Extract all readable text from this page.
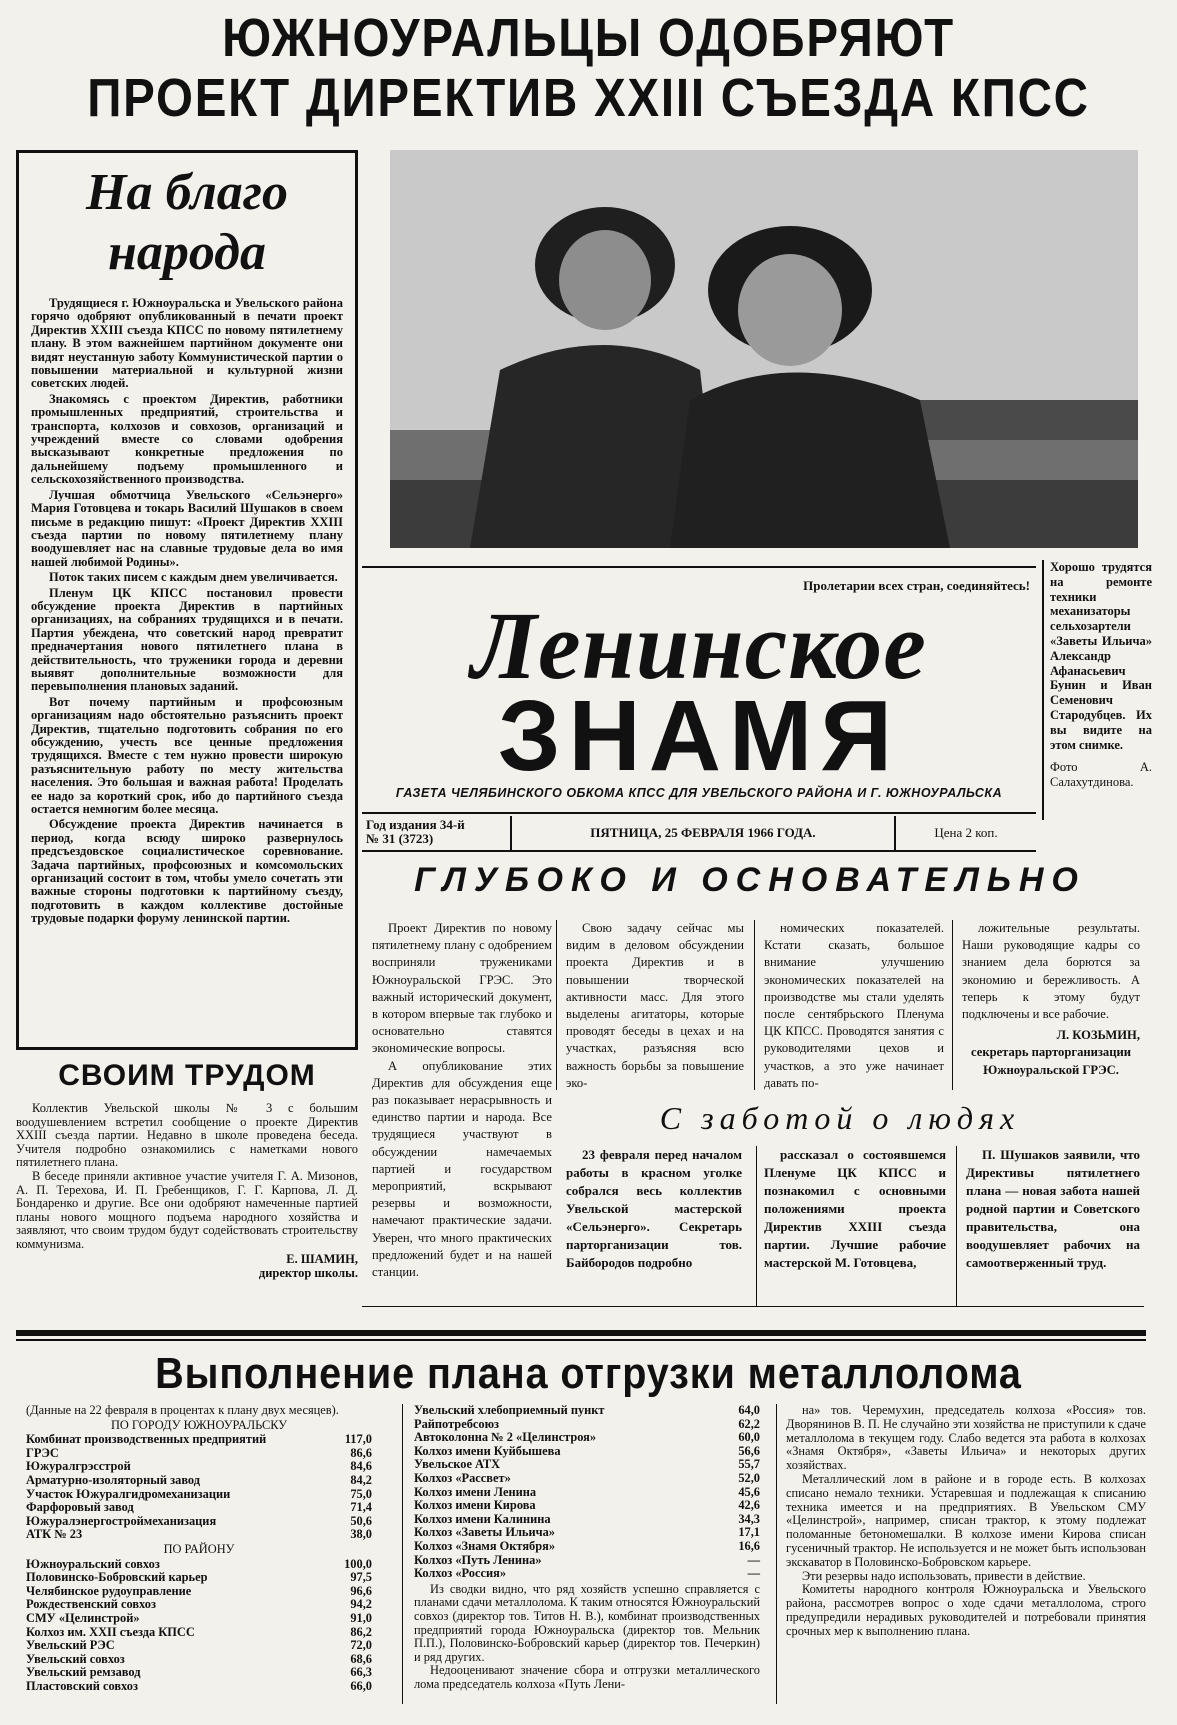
ЮЖНОУРАЛЬЦЫ ОДОБРЯЮТ
ПРОЕКТ ДИРЕКТИВ XXIII СЪЕЗДА КПСС
На благо
народа

Трудящиеся г. Южноуральска и Увельского района горячо одобряют опубликованный в печати проект Директив XXIII съезда КПСС по новому пятилетнему плану. В этом важнейшем партийном документе они видят неустанную заботу Коммунистической партии о повышении материальной и культурной жизни советских людей.

Знакомясь с проектом Директив, работники промышленных предприятий, строительства и транспорта, колхозов и совхозов, организаций и учреждений вместе со словами одобрения высказывают конкретные предложения по дальнейшему подъему промышленного и сельскохозяйственного производства.

Лучшая обмотчица Увельского «Сельэнерго» Мария Готовцева и токарь Василий Шушаков в своем письме в редакцию пишут: «Проект Директив XXIII съезда партии по новому пятилетнему плану воодушевляет нас на славные трудовые дела во имя нашей любимой Родины».

Поток таких писем с каждым днем увеличивается.

Пленум ЦК КПСС постановил провести обсуждение проекта Директив в партийных организациях, на собраниях трудящихся и в печати. Партия убеждена, что советский народ превратит предначертания нового пятилетнего плана в действительность, что труженики города и деревни выявят дополнительные возможности для перевыполнения плановых заданий.

Вот почему партийным и профсоюзным организациям надо обстоятельно разъяснить проект Директив, тщательно подготовить собрания по его обсуждению, учесть все ценные предложения трудящихся. Вместе с тем нужно провести широкую разъяснительную работу по месту жительства населения. Это большая и важная работа! Проделать ее надо за короткий срок, ибо до партийного съезда остается немногим более месяца.

Обсуждение проекта Директив начинается в период, когда всюду широко развернулось предсъездовское социалистическое соревнование. Задача партийных, профсоюзных и комсомольских организаций состоит в том, чтобы умело сочетать эти важные стороны подготовки к партийному съезду, подготовить в каждом коллективе достойные трудовые подарки форуму ленинской партии.

Хорошо трудятся на ремонте техники механизаторы сельхозартели «Заветы Ильича» Александр Афанасьевич Бунин и Иван Семенович Стародубцев. Их вы видите на этом снимке.
Фото А. Салахутдинова.
Пролетарии всех стран, соединяйтесь!
Ленинское
ЗНАМЯ
ГАЗЕТА ЧЕЛЯБИНСКОГО ОБКОМА КПСС ДЛЯ УВЕЛЬСКОГО РАЙОНА И Г. ЮЖНОУРАЛЬСКА
Год издания 34-й
№ 31 (3723)	ПЯТНИЦА, 25 ФЕВРАЛЯ 1966 ГОДА.	Цена 2 коп.
ГЛУБОКО И ОСНОВАТЕЛЬНО

Проект Директив по новому пятилетнему плану с одобрением восприняли тружениками Южноуральской ГРЭС. Это важный исторический документ, в котором впервые так глубоко и основательно ставятся экономические вопросы.

А опубликование этих Директив для обсуждения еще раз показывает нерасрывность и единство партии и народа. Все трудящиеся участвуют в обсуждении намечаемых партией и государством мероприятий, вскрывают резервы и возможности, намечают практические задачи. Уверен, что много практических предложений будет и на нашей станции.

Свою задачу сейчас мы видим в деловом обсуждении проекта Директив и в повышении творческой активности масс. Для этого выделены агитаторы, которые проводят беседы в цехах и на участках, разъясняя всю важность борьбы за повышение эко-

номических показателей. Кстати сказать, большое внимание улучшению экономических показателей на производстве мы стали уделять после сентябрьского Пленума ЦК КПСС. Проводятся занятия с руководителями цехов и участков, а это уже начинает давать по-

ложительные результаты. Наши руководящие кадры со знанием дела борются за экономию и бережливость. А теперь к этому будут подключены и все рабочие.

Л. КОЗЬМИН,
секретарь парторганизации Южноуральской ГРЭС.
С заботой о людях

23 февраля перед началом работы в красном уголке собрался весь коллектив Увельской мастерской «Сельэнерго». Секретарь парторганизации тов. Байбородов подробно

рассказал о состоявшемся Пленуме ЦК КПСС и познакомил с основными положениями проекта Директив XXIII съезда партии. Лучшие рабочие мастерской М. Готовцева,

П. Шушаков заявили, что Директивы пятилетнего плана — новая забота нашей родной партии и Советского правительства, она воодушевляет рабочих на самоотверженный труд.

СВОИМ ТРУДОМ

Коллектив Увельской школы № 3 с большим воодушевлением встретил сообщение о проекте Директив XXIII съезда партии. Недавно в школе проведена беседа. Учителя подробно ознакомились с наметками нового пятилетнего плана.

В беседе приняли активное участие учителя Г. А. Мизонов, А. П. Терехова, И. П. Гребенщиков, Г. Г. Карпова, Л. Д. Бондаренко и другие. Все они одобряют намеченные партией планы нового мощного подъема народного хозяйства и заявляют, что своим трудом будут содействовать строительству коммунизма.

Е. ШАМИН,
директор школы.
Выполнение плана отгрузки металлолома
(Данные на 22 февраля в процентах к плану двух месяцев).
ПО ГОРОДУ ЮЖНОУРАЛЬСКУ
Комбинат производственных предприятий	117,0
ГРЭС	86,6
Южуралгрэсстрой	84,6
Арматурно-изоляторный завод	84,2
Участок Южуралгидромеханизации	75,0
Фарфоровый завод	71,4
Южуралэнергостроймеханизация	50,6
АТК № 23	38,0
ПО РАЙОНУ
Южноуральский совхоз	100,0
Половинско-Бобровский карьер	97,5
Челябинское рудоуправление	96,6
Рождественский совхоз	94,2
СМУ «Целинстрой»	91,0
Колхоз им. XXII съезда КПСС	86,2
Увельский РЭС	72,0
Увельский совхоз	68,6
Увельский ремзавод	66,3
Пластовский совхоз	66,0
Увельский хлебоприемный пункт	64,0
Райпотребсоюз	62,2
Автоколонна № 2 «Целинстроя»	60,0
Колхоз имени Куйбышева	56,6
Увельское АТХ	55,7
Колхоз «Рассвет»	52,0
Колхоз имени Ленина	45,6
Колхоз имени Кирова	42,6
Колхоз имени Калинина	34,3
Колхоз «Заветы Ильича»	17,1
Колхоз «Знамя Октября»	16,6
Колхоз «Путь Ленина»	—
Колхоз «Россия»	—

Из сводки видно, что ряд хозяйств успешно справляется с планами сдачи металлолома. К таким относятся Южноуральский совхоз (директор тов. Титов Н. В.), комбинат производственных предприятий города Южноуральска (директор тов. Мельник П.П.), Половинско-Бобровский карьер (директор тов. Печеркин) и ряд других.

Недооценивают значение сбора и отгрузки металлического лома председатель колхоза «Путь Лени-

на» тов. Черемухин, председатель колхоза «Россия» тов. Дворянинов В. П. Не случайно эти хозяйства не приступили к сдаче металлолома в текущем году. Слабо ведется эта работа в колхозах «Знамя Октября», «Заветы Ильича» и некоторых других хозяйствах.

Металлический лом в районе и в городе есть. В колхозах списано немало техники. Устаревшая и подлежащая к списанию техника имеется и на предприятиях. В Увельском СМУ «Целинстрой», например, списан трактор, к этому подлежат поломанные бетономешалки. В колхозе имени Кирова списан гусеничный трактор. Не используется и не может быть использован экскаватор в Половинско-Бобровском карьере.

Эти резервы надо использовать, привести в действие.

Комитеты народного контроля Южноуральска и Увельского района, рассмотрев вопрос о ходе сдачи металлолома, строго предупредили нерадивых руководителей и потребовали принятия срочных мер к выполнению плана.
